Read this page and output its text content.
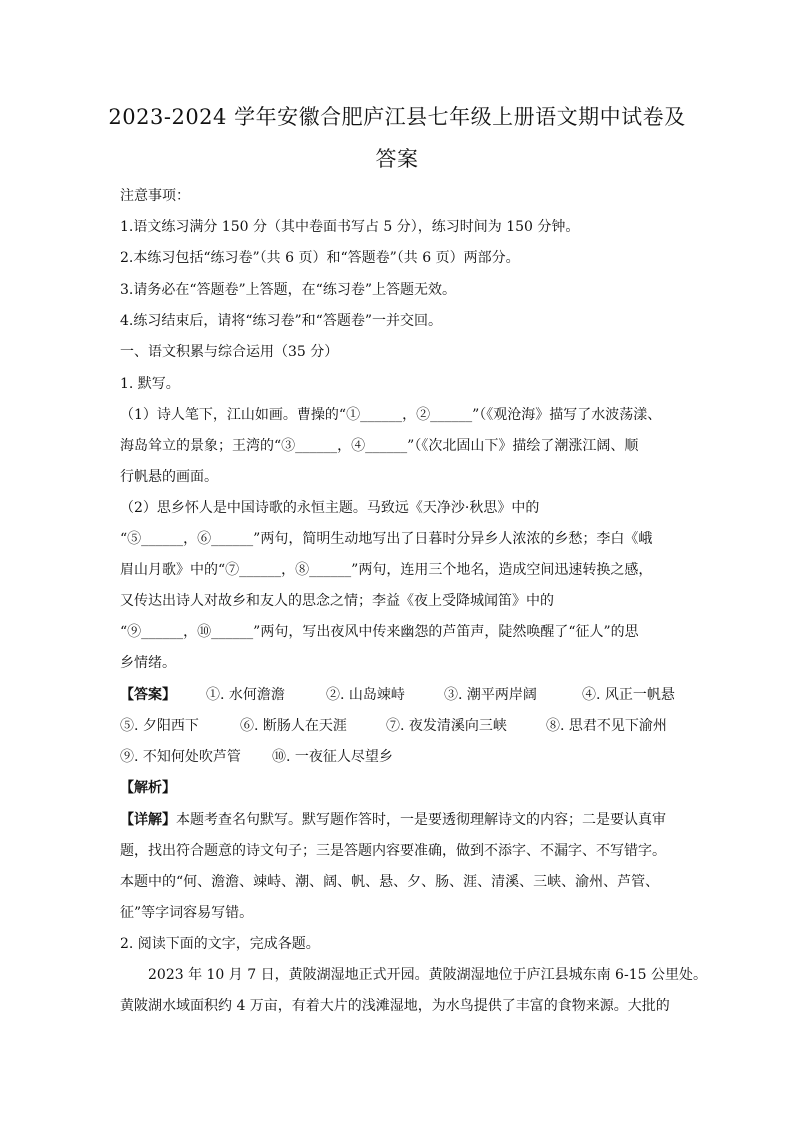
2023-2024 学年安徽合肥庐江县七年级上册语文期中试卷及
答案
注意事项：
1.语文练习满分 150 分（其中卷面书写占 5 分），练习时间为 150 分钟。
2.本练习包括“练习卷”（共 6 页）和“答题卷”（共 6 页）两部分。
3.请务必在“答题卷”上答题，在“练习卷”上答题无效。
4.练习结束后，请将“练习卷”和“答题卷”一并交回。
一、语文积累与综合运用（35 分）
1. 默写。
（1）诗人笔下，江山如画。曹操的“①______，②______”（《观沧海》描写了水波荡漾、
海岛耸立的景象；王湾的“③______，④______”（《次北固山下》描绘了潮涨江阔、顺
行帆悬的画面。
（2）思乡怀人是中国诗歌的永恒主题。马致远《天净沙·秋思》中的
“⑤______，⑥______”两句，简明生动地写出了日暮时分异乡人浓浓的乡愁；李白《峨
眉山月歌》中的“⑦______，⑧______”两句，连用三个地名，造成空间迅速转换之感，
又传达出诗人对故乡和友人的思念之情；李益《夜上受降城闻笛》中的
“⑨______，⑩______”两句，写出夜风中传来幽怨的芦笛声，陡然唤醒了“征人”的思
乡情绪。
【答案】 ①. 水何澹澹	②. 山岛竦峙	③. 潮平两岸阔	④. 风正一帆悬
⑤. 夕阳西下	⑥. 断肠人在天涯	⑦. 夜发清溪向三峡	⑧. 思君不见下渝州
⑨. 不知何处吹芦管 ⑩. 一夜征人尽望乡
【解析】
【详解】本题考查名句默写。默写题作答时，一是要透彻理解诗文的内容；二是要认真审
题，找出符合题意的诗文句子；三是答题内容要准确，做到不添字、不漏字、不写错字。
本题中的“何、澹澹、竦峙、潮、阔、帆、悬、夕、肠、涯、清溪、三峡、渝州、芦管、
征”等字词容易写错。
2. 阅读下面的文字，完成各题。
2023 年 10 月 7 日，黄陂湖湿地正式开园。黄陂湖湿地位于庐江县城东南 6-15 公里处。
黄陂湖水域面积约 4 万亩，有着大片的浅滩湿地，为水鸟提供了丰富的食物来源。大批的
